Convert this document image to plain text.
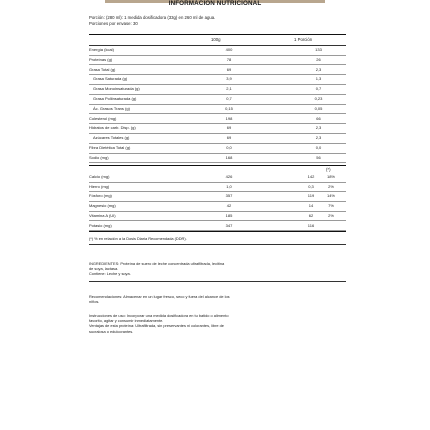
INFORMACIÓN NUTRICIONAL
Porción: (280 ml): 1 medida dosificadora (33g) en 260 ml de agua.
Porciones por envase: 30
100g	1 Porción
Energía (kcal)	400	133
Proteínas (g)	78	26
Grasa Total (g)	69	2,3
Grasa Saturada (g)	3,9	1,3
Grasa Monoinsaturada (g)	2,1	0,7
Grasa Poliinsaturada (g)	0,7	0,23
Ác. Grasos Trans (g)	0,15	0,05
Colesterol (mg)	198	66
Hidratos de carb. Disp. (g)	69	2,3
Azúcares Totales (g)	69	2,3
Fibra Dietética Total (g)	0,0	0,0
Sodio (mg)	168	56
(*)
Calcio (mg)	426	142	18%
Hierro (mg)	1,0	0,3	2%
Fósforo (mg)	357	119	14%
Magnesio (mg)	42	14	7%
Vitamina A (UI)	185	62	2%
Potasio (mg)	347	116
(*) % en relación a la Dosis Diaria Recomendada (DDR).
INGREDIENTES: Proteína de suero de leche concentrada ultrafiltrada, lecitina
de soya, lactasa.
Contiene: Leche y soya.
Recomendaciones: Almacenar en un lugar fresco, seco y fuera del alcance de los
niños.
Instrucciones de uso: Incorporar una medida dosificadora en tu batido o alimento
favorito, agitar y consumir inmediatamente.
Ventajas de esta proteína: Ultrafiltrada, sin preservantes ni colorantes, libre de
sucralosa o edulcorantes.
